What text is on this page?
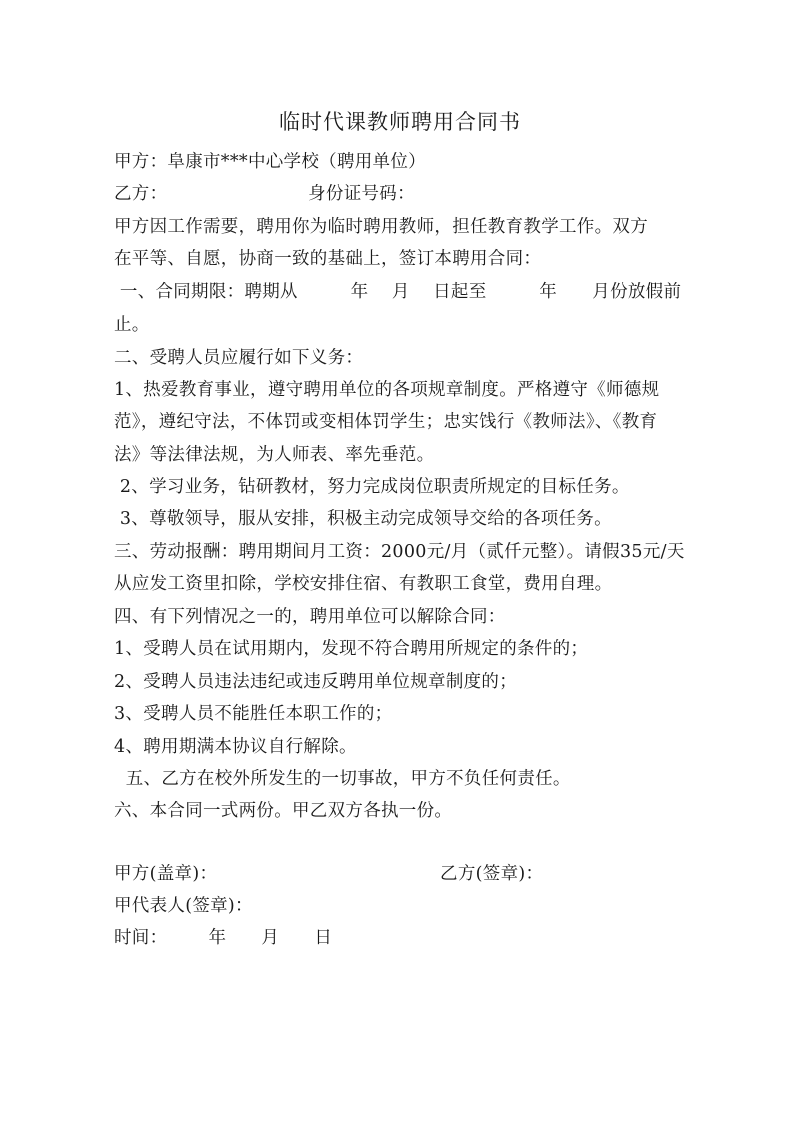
临时代课教师聘用合同书
甲方：阜康市***中心学校（聘用单位）
乙方：                        身份证号码：
甲方因工作需要，聘用你为临时聘用教师，担任教育教学工作。双方
在平等、自愿，协商一致的基础上，签订本聘用合同：
一、合同期限：聘期从         年    月    日起至         年      月份放假前
止。
二、受聘人员应履行如下义务：
1、热爱教育事业，遵守聘用单位的各项规章制度。严格遵守《师德规
范》，遵纪守法，不体罚或变相体罚学生；忠实饯行《教师法》、《教育
法》等法律法规，为人师表、率先垂范。
2、学习业务，钻研教材，努力完成岗位职责所规定的目标任务。
3、尊敬领导，服从安排，积极主动完成领导交给的各项任务。
三、劳动报酬：聘用期间月工资：2000元/月（贰仟元整）。请假35元/天
从应发工资里扣除，学校安排住宿、有教职工食堂，费用自理。
四、有下列情况之一的，聘用单位可以解除合同：
1、受聘人员在试用期内，发现不符合聘用所规定的条件的；
2、受聘人员违法违纪或违反聘用单位规章制度的；
3、受聘人员不能胜任本职工作的；
4、聘用期满本协议自行解除。
五、乙方在校外所发生的一切事故，甲方不负任何责任。
六、本合同一式两份。甲乙双方各执一份。
甲方(盖章)：                                      乙方(签章)：
甲代表人(签章)：
时间：       年      月      日
